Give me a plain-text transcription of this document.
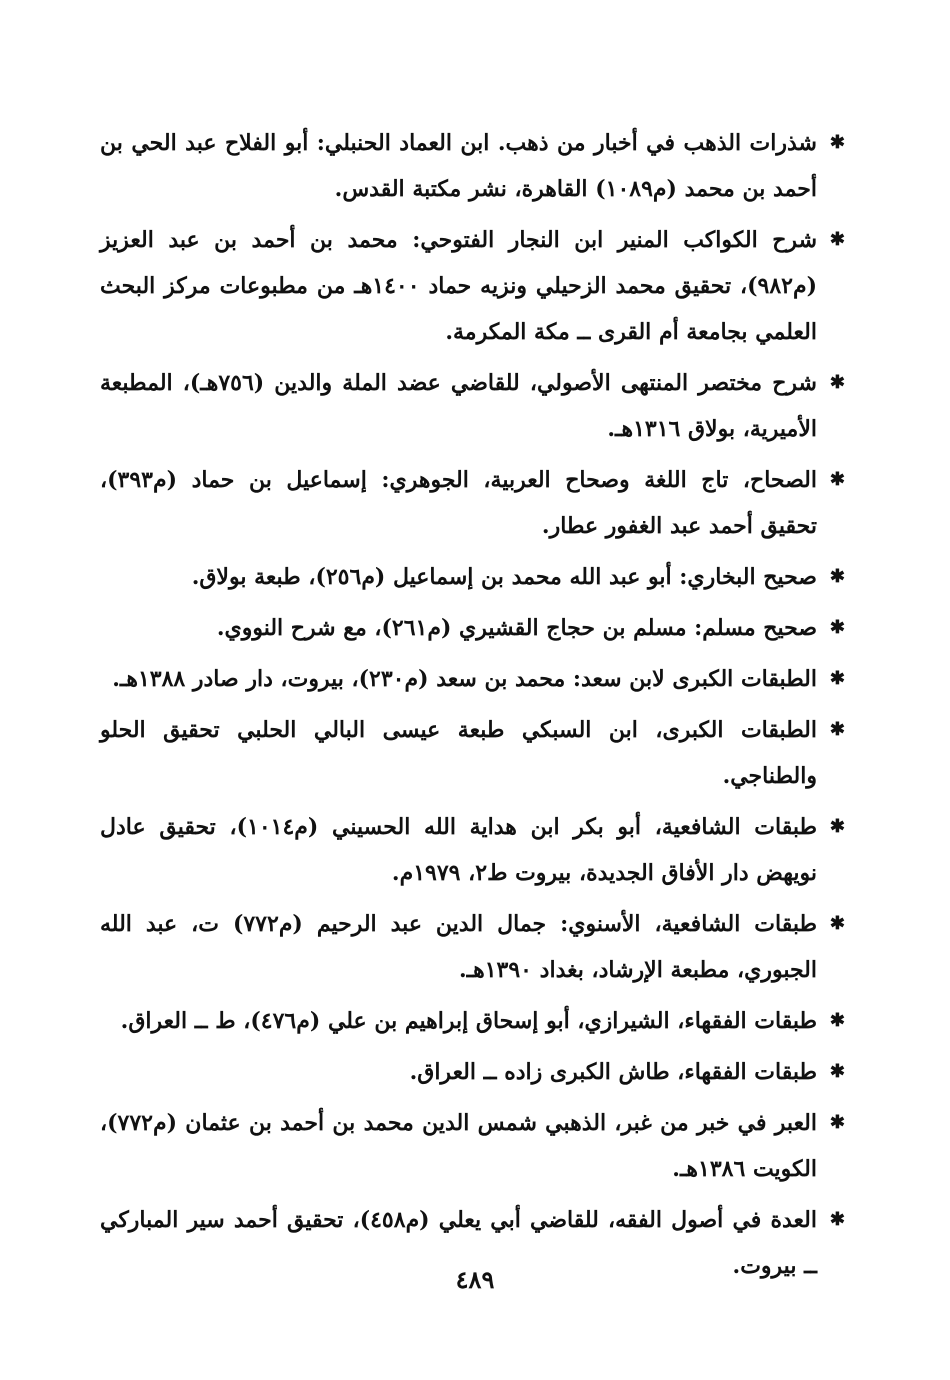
✱
شذرات الذهب في أخبار من ذهب. ابن العماد الحنبلي: أبو الفلاح عبد الحي بن أحمد بن محمد (م١٠٨٩) القاهرة، نشر مكتبة القدس.
✱
شرح الكواكب المنير ابن النجار الفتوحي: محمد بن أحمد بن عبد العزيز (م٩٨٢)، تحقيق محمد الزحيلي ونزيه حماد ١٤٠٠هـ من مطبوعات مركز البحث العلمي بجامعة أم القرى ــ مكة المكرمة.
✱
شرح مختصر المنتهى الأصولي، للقاضي عضد الملة والدين (٧٥٦هـ)، المطبعة الأميرية، بولاق ١٣١٦هـ.
✱
الصحاح، تاج اللغة وصحاح العربية، الجوهري: إسماعيل بن حماد (م٣٩٣)، تحقيق أحمد عبد الغفور عطار.
✱
صحيح البخاري: أبو عبد الله محمد بن إسماعيل (م٢٥٦)، طبعة بولاق.
✱
صحيح مسلم: مسلم بن حجاج القشيري (م٢٦١)، مع شرح النووي.
✱
الطبقات الكبرى لابن سعد: محمد بن سعد (م٢٣٠)، بيروت، دار صادر ١٣٨٨هـ.
✱
الطبقات الكبرى، ابن السبكي طبعة عيسى البالي الحلبي تحقيق الحلو والطناجي.
✱
طبقات الشافعية، أبو بكر ابن هداية الله الحسيني (م١٠١٤)، تحقيق عادل نويهض دار الأفاق الجديدة، بيروت ط٢، ١٩٧٩م.
✱
طبقات الشافعية، الأسنوي: جمال الدين عبد الرحيم (م٧٧٢) ت، عبد الله الجبوري، مطبعة الإرشاد، بغداد ١٣٩٠هـ.
✱
طبقات الفقهاء، الشيرازي، أبو إسحاق إبراهيم بن علي (م٤٧٦)، ط ــ العراق.
✱
طبقات الفقهاء، طاش الكبرى زاده ــ العراق.
✱
العبر في خبر من غبر، الذهبي شمس الدين محمد بن أحمد بن عثمان (م٧٧٢)، الكويت ١٣٨٦هـ.
✱
العدة في أصول الفقه، للقاضي أبي يعلي (م٤٥٨)، تحقيق أحمد سير المباركي ــ بيروت.
٤٨٩
